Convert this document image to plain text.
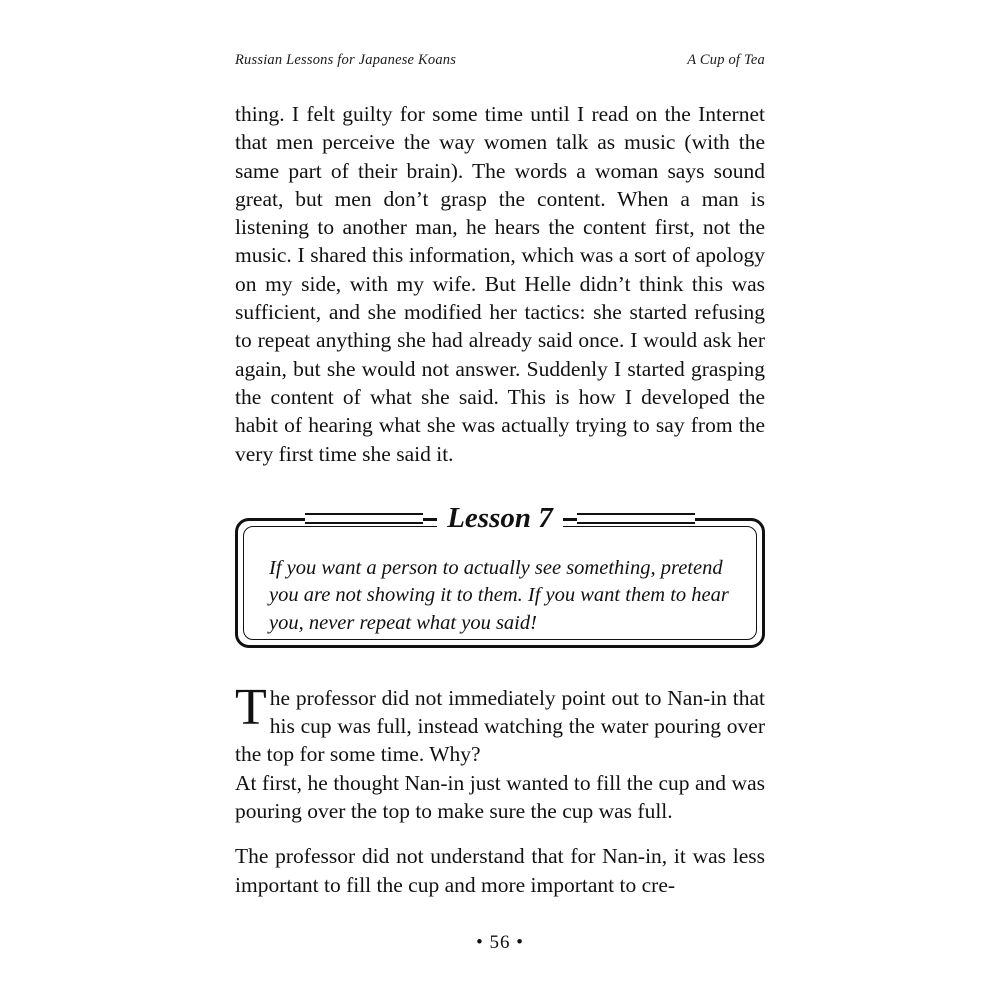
Russian Lessons for Japanese Koans	A Cup of Tea

thing. I felt guilty for some time until I read on the Internet that men perceive the way women talk as music (with the same part of their brain). The words a woman says sound great, but men don’t grasp the content. When a man is listening to another man, he hears the content first, not the music. I shared this information, which was a sort of apology on my side, with my wife. But Helle didn’t think this was sufficient, and she modified her tactics: she started refusing to repeat anything she had already said once. I would ask her again, but she would not answer. Suddenly I started grasping the content of what she said. This is how I developed the habit of hearing what she was actually trying to say from the very first time she said it.

Lesson 7
If you want a person to actually see something, pretend you are not showing it to them. If you want them to hear you, never repeat what you said!

The professor did not immediately point out to Nan-in that his cup was full, instead watching the water pouring over the top for some time. Why?

At first, he thought Nan-in just wanted to fill the cup and was pouring over the top to make sure the cup was full.

The professor did not understand that for Nan-in, it was less important to fill the cup and more important to cre-

• 56 •
